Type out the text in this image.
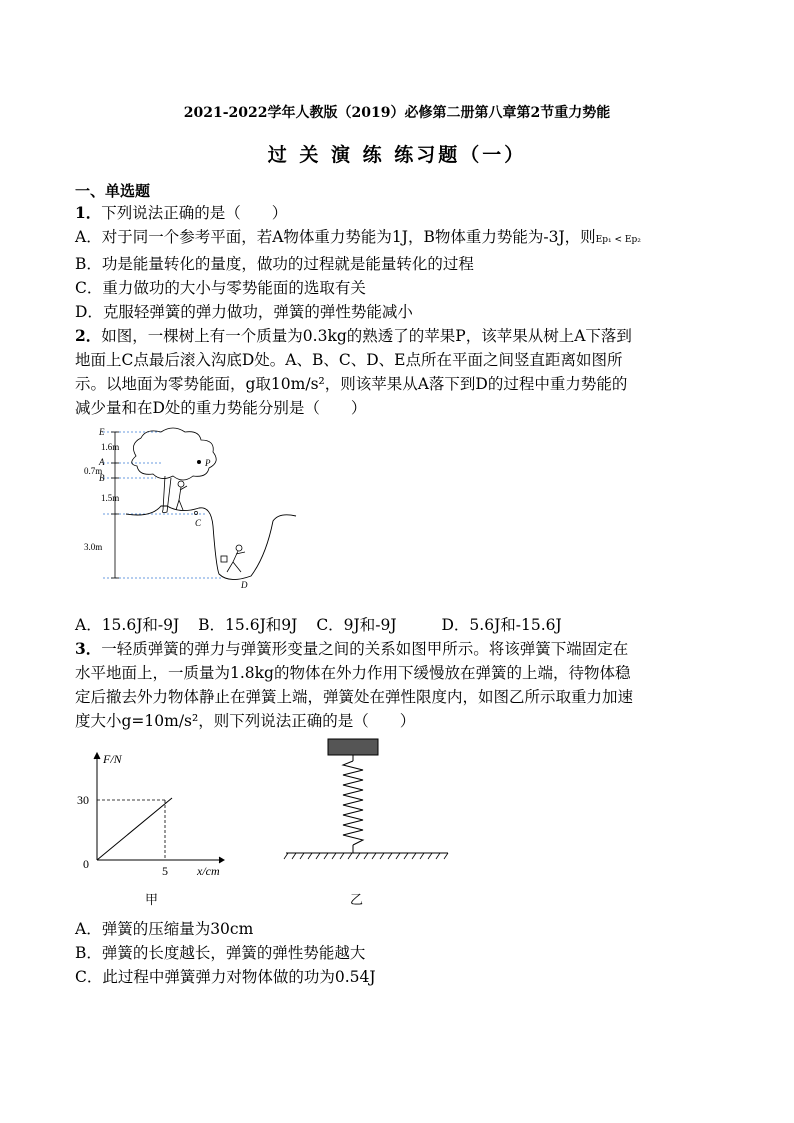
2021-2022学年人教版（2019）必修第二册第八章第2节重力势能
过 关 演 练 练习题（一）
一、单选题
1．下列说法正确的是（　　）
A．对于同一个参考平面，若A物体重力势能为1J，B物体重力势能为-3J，则Ep₁ < Ep₂
B．功是能量转化的量度，做功的过程就是能量转化的过程
C．重力做功的大小与零势能面的选取有关
D．克服轻弹簧的弹力做功，弹簧的弹性势能减小
2．如图，一棵树上有一个质量为0.3kg的熟透了的苹果P，该苹果从树上A下落到
地面上C点最后滚入沟底D处。A、B、C、D、E点所在平面之间竖直距离如图所
示。以地面为零势能面，g取10m/s²，则该苹果从A落下到D的过程中重力势能的
减少量和在D处的重力势能分别是（　　）
E
A
B
C
D
P
1.6m
0.7m
1.5m
3.0m
A．15.6J和-9J B．15.6J和9J C．9J和-9J	D．5.6J和-15.6J
3．一轻质弹簧的弹力与弹簧形变量之间的关系如图甲所示。将该弹簧下端固定在
水平地面上，一质量为1.8kg的物体在外力作用下缓慢放在弹簧的上端，待物体稳
定后撤去外力物体静止在弹簧上端，弹簧处在弹性限度内，如图乙所示取重力加速
度大小g=10m/s²，则下列说法正确的是（　　）
F/N
x/cm
0
30
5
甲	乙
A．弹簧的压缩量为30cm
B．弹簧的长度越长，弹簧的弹性势能越大
C．此过程中弹簧弹力对物体做的功为0.54J
